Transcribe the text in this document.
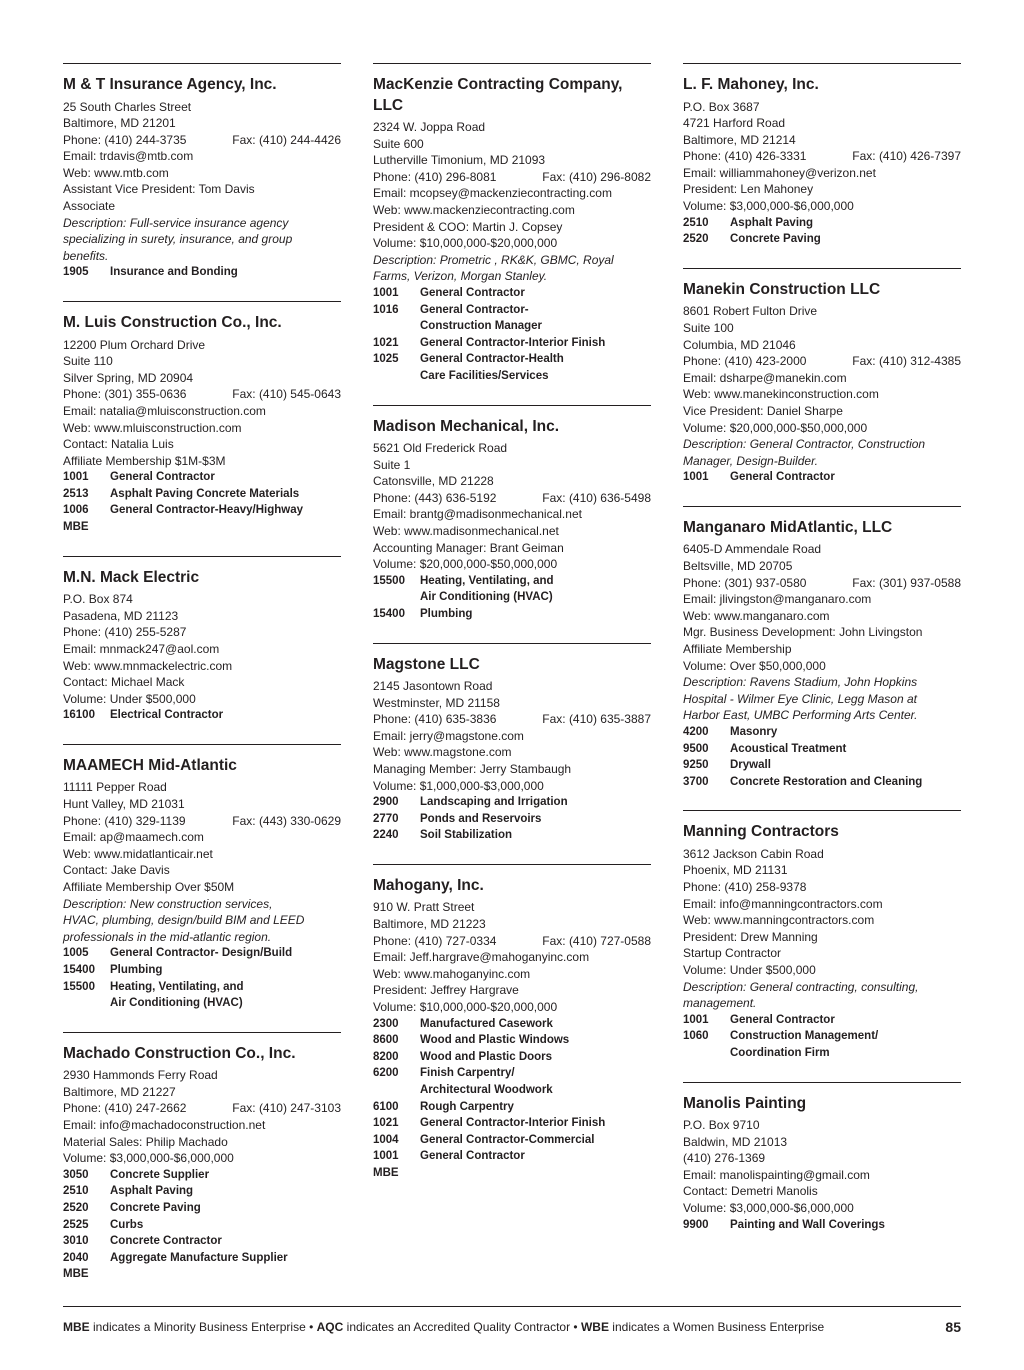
M & T Insurance Agency, Inc.
25 South Charles Street
Baltimore, MD 21201
Phone: (410) 244-3735	Fax: (410) 244-4426
Email: trdavis@mtb.com
Web: www.mtb.com
Assistant Vice President: Tom Davis
Associate
Description: Full-service insurance agency
specializing in surety, insurance, and group
benefits.
1905	Insurance and Bonding
M. Luis Construction Co., Inc.
12200 Plum Orchard Drive
Suite 110
Silver Spring, MD 20904
Phone: (301) 355-0636	Fax: (410) 545-0643
Email: natalia@mluisconstruction.com
Web: www.mluisconstruction.com
Contact: Natalia Luis
Affiliate Membership $1M-$3M
1001	General Contractor
2513	Asphalt Paving Concrete Materials
1006	General Contractor-Heavy/Highway
MBE
M.N. Mack Electric
P.O. Box 874
Pasadena, MD 21123
Phone: (410) 255-5287
Email: mnmack247@aol.com
Web: www.mnmackelectric.com
Contact: Michael Mack
Volume: Under $500,000
16100	Electrical Contractor
MAAMECH Mid-Atlantic
11111 Pepper Road
Hunt Valley, MD 21031
Phone: (410) 329-1139	Fax: (443) 330-0629
Email: ap@maamech.com
Web: www.midatlanticair.net
Contact: Jake Davis
Affiliate Membership Over $50M
Description: New construction services,
HVAC, plumbing, design/build BIM and LEED
professionals in the mid-atlantic region.
1005	General Contractor- Design/Build
15400	Plumbing
15500	Heating, Ventilating, and
Air Conditioning (HVAC)
Machado Construction Co., Inc.
2930 Hammonds Ferry Road
Baltimore, MD 21227
Phone: (410) 247-2662	Fax: (410) 247-3103
Email: info@machadoconstruction.net
Material Sales: Philip Machado
Volume: $3,000,000-$6,000,000
3050	Concrete Supplier
2510	Asphalt Paving
2520	Concrete Paving
2525	Curbs
3010	Concrete Contractor
2040	Aggregate Manufacture Supplier
MBE
MacKenzie Contracting Company, LLC
2324 W. Joppa Road
Suite 600
Lutherville Timonium, MD 21093
Phone: (410) 296-8081	Fax: (410) 296-8082
Email: mcopsey@mackenziecontracting.com
Web: www.mackenziecontracting.com
President & COO: Martin J. Copsey
Volume: $10,000,000-$20,000,000
Description: Prometric , RK&K, GBMC, Royal
Farms, Verizon, Morgan Stanley.
1001	General Contractor
1016	General Contractor-
Construction Manager
1021	General Contractor-Interior Finish
1025	General Contractor-Health
Care Facilities/Services
Madison Mechanical, Inc.
5621 Old Frederick Road
Suite 1
Catonsville, MD 21228
Phone: (443) 636-5192	Fax: (410) 636-5498
Email: brantg@madisonmechanical.net
Web: www.madisonmechanical.net
Accounting Manager: Brant Geiman
Volume: $20,000,000-$50,000,000
15500	Heating, Ventilating, and
Air Conditioning (HVAC)
15400	Plumbing
Magstone LLC
2145 Jasontown Road
Westminster, MD 21158
Phone: (410) 635-3836	Fax: (410) 635-3887
Email: jerry@magstone.com
Web: www.magstone.com
Managing Member: Jerry Stambaugh
Volume: $1,000,000-$3,000,000
2900	Landscaping and Irrigation
2770	Ponds and Reservoirs
2240	Soil Stabilization
Mahogany, Inc.
910 W. Pratt Street
Baltimore, MD 21223
Phone: (410) 727-0334	Fax: (410) 727-0588
Email: Jeff.hargrave@mahoganyinc.com
Web: www.mahoganyinc.com
President: Jeffrey Hargrave
Volume: $10,000,000-$20,000,000
2300	Manufactured Casework
8600	Wood and Plastic Windows
8200	Wood and Plastic Doors
6200	Finish Carpentry/
Architectural Woodwork
6100	Rough Carpentry
1021	General Contractor-Interior Finish
1004	General Contractor-Commercial
1001	General Contractor
MBE
L. F. Mahoney, Inc.
P.O. Box 3687
4721 Harford Road
Baltimore, MD 21214
Phone: (410) 426-3331	Fax: (410) 426-7397
Email: williammahoney@verizon.net
President: Len Mahoney
Volume: $3,000,000-$6,000,000
2510	Asphalt Paving
2520	Concrete Paving
Manekin Construction LLC
8601 Robert Fulton Drive
Suite 100
Columbia, MD 21046
Phone: (410) 423-2000	Fax: (410) 312-4385
Email: dsharpe@manekin.com
Web: www.manekinconstruction.com
Vice President: Daniel Sharpe
Volume: $20,000,000-$50,000,000
Description: General Contractor, Construction
Manager, Design-Builder.
1001	General Contractor
Manganaro MidAtlantic, LLC
6405-D Ammendale Road
Beltsville, MD 20705
Phone: (301) 937-0580	Fax: (301) 937-0588
Email: jlivingston@manganaro.com
Web: www.manganaro.com
Mgr. Business Development: John Livingston
Affiliate Membership
Volume: Over $50,000,000
Description: Ravens Stadium, John Hopkins
Hospital - Wilmer Eye Clinic, Legg Mason at
Harbor East, UMBC Performing Arts Center.
4200	Masonry
9500	Acoustical Treatment
9250	Drywall
3700	Concrete Restoration and Cleaning
Manning Contractors
3612 Jackson Cabin Road
Phoenix, MD 21131
Phone: (410) 258-9378
Email: info@manningcontractors.com
Web: www.manningcontractors.com
President: Drew Manning
Startup Contractor
Volume: Under $500,000
Description: General contracting, consulting,
management.
1001	General Contractor
1060	Construction Management/
Coordination Firm
Manolis Painting
P.O. Box 9710
Baldwin, MD 21013
(410) 276-1369
Email: manolispainting@gmail.com
Contact: Demetri Manolis
Volume: $3,000,000-$6,000,000
9900	Painting and Wall Coverings
MBE indicates a Minority Business Enterprise • AQC indicates an Accredited Quality Contractor • WBE indicates a Women Business Enterprise	85
